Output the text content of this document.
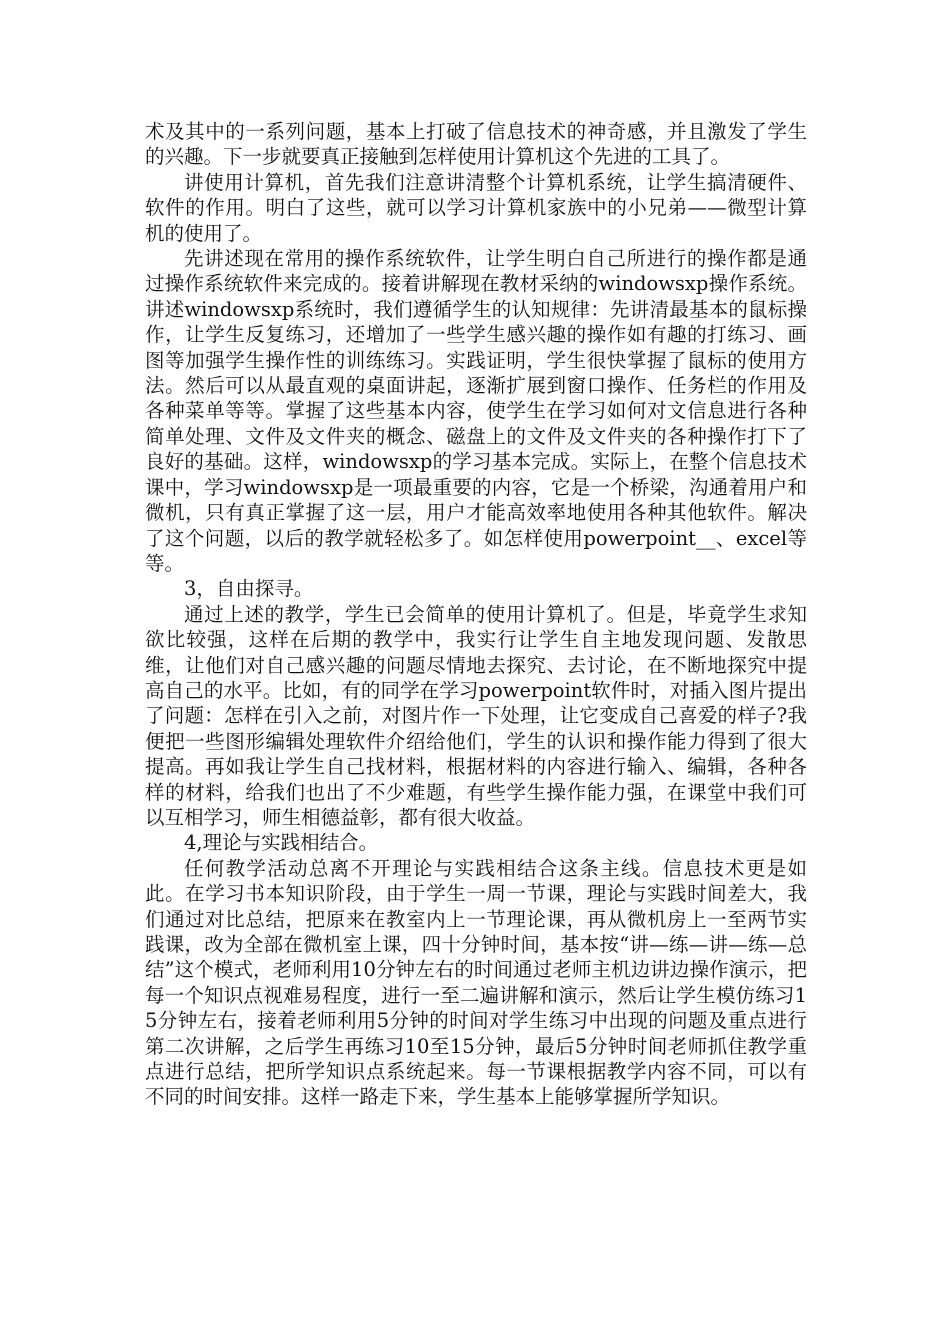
术及其中的一系列问题，基本上打破了信息技术的神奇感，并且激发了学生的兴趣。下一步就要真正接触到怎样使用计算机这个先进的工具了。

讲使用计算机，首先我们注意讲清整个计算机系统，让学生搞清硬件、软件的作用。明白了这些，就可以学习计算机家族中的小兄弟——微型计算机的使用了。

先讲述现在常用的操作系统软件，让学生明白自己所进行的操作都是通过操作系统软件来完成的。接着讲解现在教材采纳的windowsxp操作系统。讲述windowsxp系统时，我们遵循学生的认知规律：先讲清最基本的鼠标操作，让学生反复练习，还增加了一些学生感兴趣的操作如有趣的打练习、画图等加强学生操作性的训练练习。实践证明，学生很快掌握了鼠标的使用方法。然后可以从最直观的桌面讲起，逐渐扩展到窗口操作、任务栏的作用及各种菜单等等。掌握了这些基本内容，使学生在学习如何对文信息进行各种简单处理、文件及文件夹的概念、磁盘上的文件及文件夹的各种操作打下了良好的基础。这样，windowsxp的学习基本完成。实际上，在整个信息技术课中，学习windowsxp是一项最重要的内容，它是一个桥梁，沟通着用户和微机，只有真正掌握了这一层，用户才能高效率地使用各种其他软件。解决了这个问题，以后的教学就轻松多了。如怎样使用powerpoint__、excel等等。

3，自由探寻。

通过上述的教学，学生已会简单的使用计算机了。但是，毕竟学生求知欲比较强，这样在后期的教学中，我实行让学生自主地发现问题、发散思维，让他们对自己感兴趣的问题尽情地去探究、去讨论，在不断地探究中提高自己的水平。比如，有的同学在学习powerpoint软件时，对插入图片提出了问题：怎样在引入之前，对图片作一下处理，让它变成自己喜爱的样子?我便把一些图形编辑处理软件介绍给他们，学生的认识和操作能力得到了很大提高。再如我让学生自己找材料，根据材料的内容进行输入、编辑，各种各样的材料，给我们也出了不少难题，有些学生操作能力强，在课堂中我们可以互相学习，师生相德益彰，都有很大收益。

4,理论与实践相结合。

任何教学活动总离不开理论与实践相结合这条主线。信息技术更是如此。在学习书本知识阶段，由于学生一周一节课，理论与实践时间差大，我们通过对比总结，把原来在教室内上一节理论课，再从微机房上一至两节实践课，改为全部在微机室上课，四十分钟时间，基本按“讲—练—讲—练—总结”这个模式，老师利用10分钟左右的时间通过老师主机边讲边操作演示，把每一个知识点视难易程度，进行一至二遍讲解和演示，然后让学生模仿练习15分钟左右，接着老师利用5分钟的时间对学生练习中出现的问题及重点进行第二次讲解，之后学生再练习10至15分钟，最后5分钟时间老师抓住教学重点进行总结，把所学知识点系统起来。每一节课根据教学内容不同，可以有不同的时间安排。这样一路走下来，学生基本上能够掌握所学知识。
